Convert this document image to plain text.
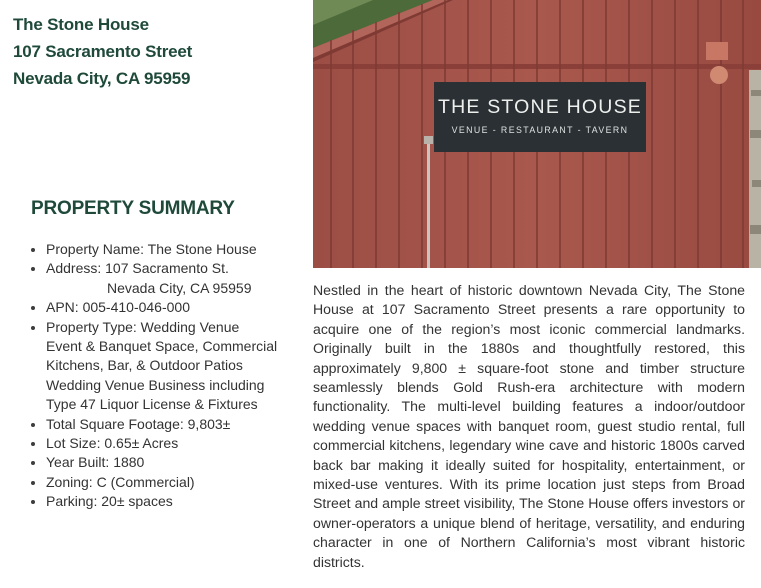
The Stone House
107 Sacramento Street
Nevada City, CA 95959
PROPERTY SUMMARY
• Property Name: The Stone House
• Address: 107 Sacramento St.
Nevada City, CA 95959
• APN: 005-410-046-000
• Property Type: Wedding Venue
Event & Banquet Space, Commercial
Kitchens, Bar, & Outdoor Patios
Wedding Venue Business including
Type 47 Liquor License & Fixtures
• Total Square Footage: 9,803±
• Lot Size: 0.65± Acres
• Year Built: 1880
• Zoning: C (Commercial)
• Parking: 20± spaces
THE STONE HOUSE
VENUE - RESTAURANT - TAVERN
Nestled in the heart of historic downtown Nevada City, The Stone House at 107 Sacramento Street presents a rare opportunity to acquire one of the region’s most iconic commercial landmarks. Originally built in the 1880s and thoughtfully restored, this approximately 9,800 ± square-foot stone and timber structure seamlessly blends Gold Rush-era architecture with modern functionality. The multi-level building features a indoor/outdoor wedding venue spaces with banquet room, guest studio rental, full commercial kitchens, legendary wine cave and historic 1800s carved back bar making it ideally suited for hospitality, entertainment, or mixed-use ventures. With its prime location just steps from Broad Street and ample street visibility, The Stone House offers investors or owner-operators a unique blend of heritage, versatility, and enduring character in one of Northern California’s most vibrant historic districts.
